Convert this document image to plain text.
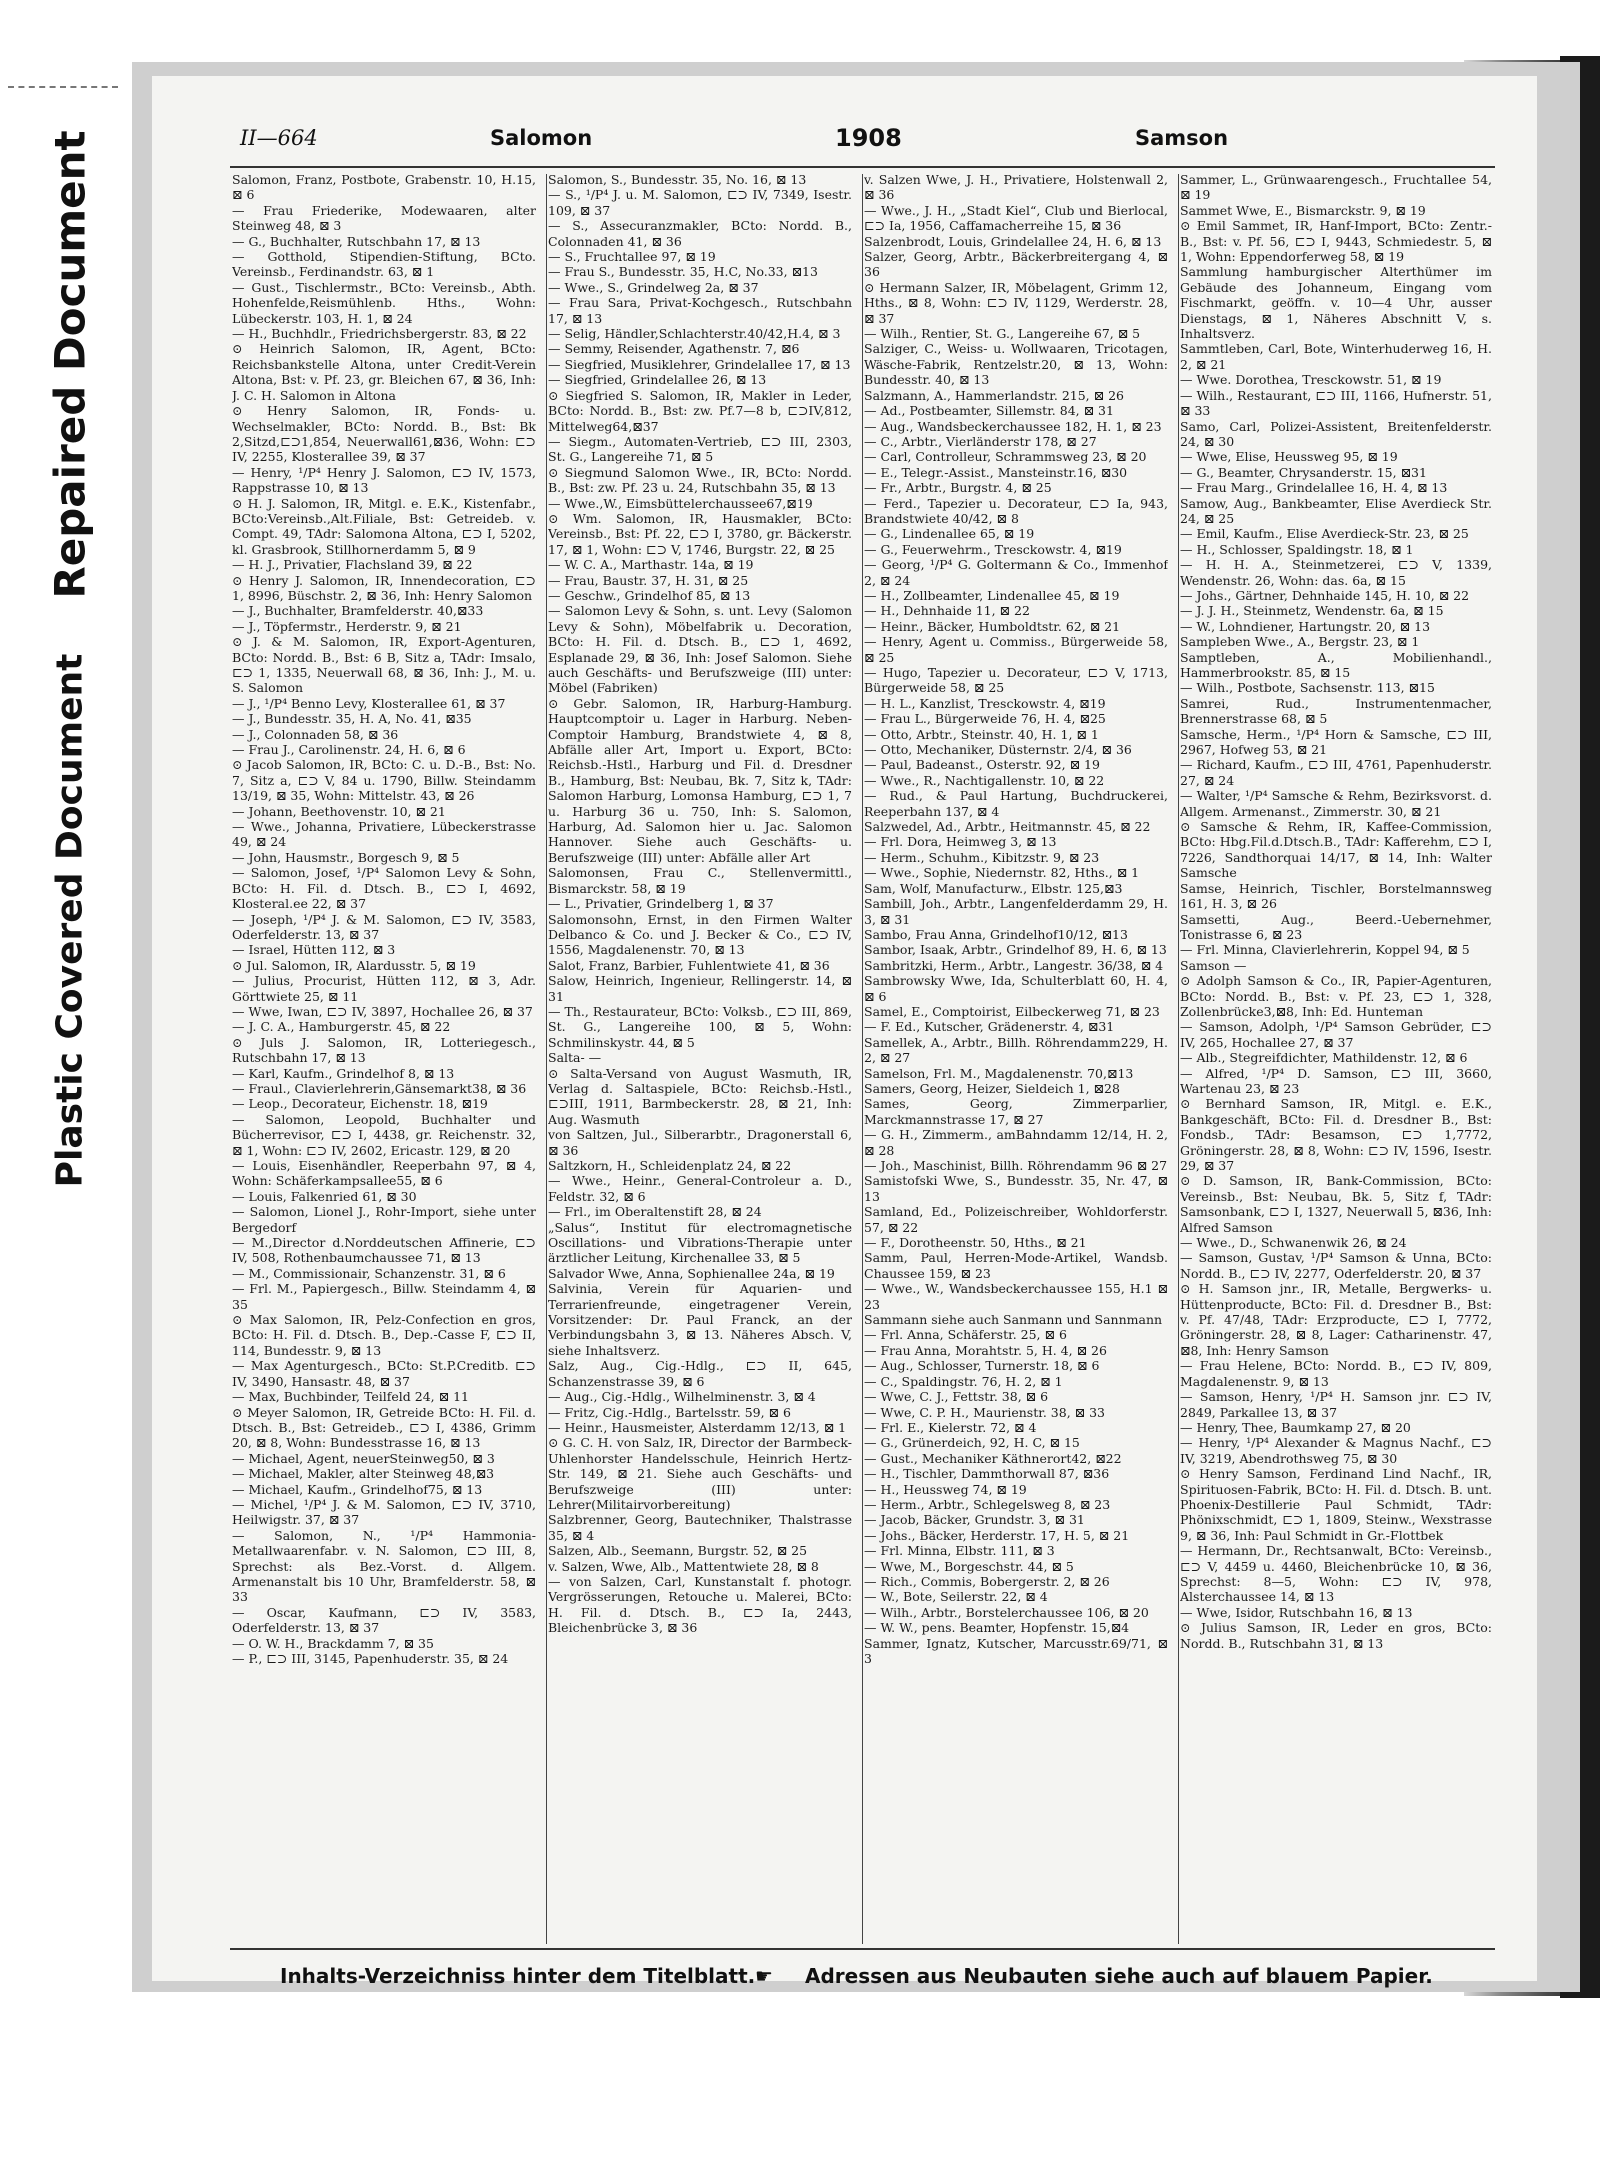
Repaired Document
Plastic Covered Document
II—664	Salomon	1908	Samson

Salomon, Franz, Postbote, Grabenstr. 10, H.15, ⊠ 6

— Frau Friederike, Modewaaren, alter Steinweg 48, ⊠ 3

— G., Buchhalter, Rutschbahn 17, ⊠ 13

— Gotthold, Stipendien-Stiftung, BCto. Vereinsb., Ferdinandstr. 63, ⊠ 1

— Gust., Tischlermstr., BCto: Vereinsb., Abth. Hohenfelde,Reismühlenb. Hths., Wohn: Lübeckerstr. 103, H. 1, ⊠ 24

— H., Buchhdlr., Friedrichsbergerstr. 83, ⊠ 22

⊙ Heinrich Salomon, IR, Agent, BCto: Reichsbankstelle Altona, unter Credit-Verein Altona, Bst: v. Pf. 23, gr. Bleichen 67, ⊠ 36, Inh: J. C. H. Salomon in Altona

⊙ Henry Salomon, IR, Fonds- u. Wechselmakler, BCto: Nordd. B., Bst: Bk 2,Sitzd,⊏⊃1,854, Neuerwall61,⊠36, Wohn: ⊏⊃ IV, 2255, Klosterallee 39, ⊠ 37

— Henry, ¹/P⁴ Henry J. Salomon, ⊏⊃ IV, 1573, Rappstrasse 10, ⊠ 13

⊙ H. J. Salomon, IR, Mitgl. e. E.K., Kistenfabr., BCto:Vereinsb.,Alt.Filiale, Bst: Getreideb. v. Compt. 49, TAdr: Salomona Altona, ⊏⊃ I, 5202, kl. Grasbrook, Stillhornerdamm 5, ⊠ 9

— H. J., Privatier, Flachsland 39, ⊠ 22

⊙ Henry J. Salomon, IR, Innendecoration, ⊏⊃ 1, 8996, Büschstr. 2, ⊠ 36, Inh: Henry Salomon

— J., Buchhalter, Bramfelderstr. 40,⊠33

— J., Töpfermstr., Herderstr. 9, ⊠ 21

⊙ J. & M. Salomon, IR, Export-Agenturen, BCto: Nordd. B., Bst: 6 B, Sitz a, TAdr: Imsalo, ⊏⊃ 1, 1335, Neuerwall 68, ⊠ 36, Inh: J., M. u. S. Salomon

— J., ¹/P⁴ Benno Levy, Klosterallee 61, ⊠ 37

— J., Bundesstr. 35, H. A, No. 41, ⊠35

— J., Colonnaden 58, ⊠ 36

— Frau J., Carolinenstr. 24, H. 6, ⊠ 6

⊙ Jacob Salomon, IR, BCto: C. u. D.-B., Bst: No. 7, Sitz a, ⊏⊃ V, 84 u. 1790, Billw. Steindamm 13/19, ⊠ 35, Wohn: Mittelstr. 43, ⊠ 26

— Johann, Beethovenstr. 10, ⊠ 21

— Wwe., Johanna, Privatiere, Lübeckerstrasse 49, ⊠ 24

— John, Hausmstr., Borgesch 9, ⊠ 5

— Salomon, Josef, ¹/P⁴ Salomon Levy & Sohn, BCto: H. Fil. d. Dtsch. B., ⊏⊃ I, 4692, Klosteral.ee 22, ⊠ 37

— Joseph, ¹/P⁴ J. & M. Salomon, ⊏⊃ IV, 3583, Oderfelderstr. 13, ⊠ 37

— Israel, Hütten 112, ⊠ 3

⊙ Jul. Salomon, IR, Alardusstr. 5, ⊠ 19

— Julius, Procurist, Hütten 112, ⊠ 3, Adr. Görttwiete 25, ⊠ 11

— Wwe, Iwan, ⊏⊃ IV, 3897, Hochallee 26, ⊠ 37

— J. C. A., Hamburgerstr. 45, ⊠ 22

⊙ Juls J. Salomon, IR, Lotteriegesch., Rutschbahn 17, ⊠ 13

— Karl, Kaufm., Grindelhof 8, ⊠ 13

— Fraul., Clavierlehrerin,Gänsemarkt38, ⊠ 36

— Leop., Decorateur, Eichenstr. 18, ⊠19

— Salomon, Leopold, Buchhalter und Bücherrevisor, ⊏⊃ I, 4438, gr. Reichenstr. 32, ⊠ 1, Wohn: ⊏⊃ IV, 2602, Ericastr. 129, ⊠ 20

— Louis, Eisenhändler, Reeperbahn 97, ⊠ 4, Wohn: Schäferkampsallee55, ⊠ 6

— Louis, Falkenried 61, ⊠ 30

— Salomon, Lionel J., Rohr-Import, siehe unter Bergedorf

— M.,Director d.Norddeutschen Affinerie, ⊏⊃ IV, 508, Rothenbaumchaussee 71, ⊠ 13

— M., Commissionair, Schanzenstr. 31, ⊠ 6

— Frl. M., Papiergesch., Billw. Steindamm 4, ⊠ 35

⊙ Max Salomon, IR, Pelz-Confection en gros, BCto: H. Fil. d. Dtsch. B., Dep.-Casse F, ⊏⊃ II, 114, Bundesstr. 9, ⊠ 13

— Max Agenturgesch., BCto: St.P.Creditb. ⊏⊃ IV, 3490, Hansastr. 48, ⊠ 37

— Max, Buchbinder, Teilfeld 24, ⊠ 11

⊙ Meyer Salomon, IR, Getreide BCto: H. Fil. d. Dtsch. B., Bst: Getreideb., ⊏⊃ I, 4386, Grimm 20, ⊠ 8, Wohn: Bundesstrasse 16, ⊠ 13

— Michael, Agent, neuerSteinweg50, ⊠ 3

— Michael, Makler, alter Steinweg 48,⊠3

— Michael, Kaufm., Grindelhof75, ⊠ 13

— Michel, ¹/P⁴ J. & M. Salomon, ⊏⊃ IV, 3710, Heilwigstr. 37, ⊠ 37

— Salomon, N., ¹/P⁴ Hammonia-Metallwaarenfabr. v. N. Salomon, ⊏⊃ III, 8, Sprechst: als Bez.-Vorst. d. Allgem. Armenanstalt bis 10 Uhr, Bramfelderstr. 58, ⊠ 33

— Oscar, Kaufmann, ⊏⊃ IV, 3583, Oderfelderstr. 13, ⊠ 37

— O. W. H., Brackdamm 7, ⊠ 35

— P., ⊏⊃ III, 3145, Papenhuderstr. 35, ⊠ 24

Salomon, S., Bundesstr. 35, No. 16, ⊠ 13

— S., ¹/P⁴ J. u. M. Salomon, ⊏⊃ IV, 7349, Isestr. 109, ⊠ 37

— S., Assecuranzmakler, BCto: Nordd. B., Colonnaden 41, ⊠ 36

— S., Fruchtallee 97, ⊠ 19

— Frau S., Bundesstr. 35, H.C, No.33, ⊠13

— Wwe., S., Grindelweg 2a, ⊠ 37

— Frau Sara, Privat-Kochgesch., Rutschbahn 17, ⊠ 13

— Selig, Händler,Schlachterstr.40/42,H.4, ⊠ 3

— Semmy, Reisender, Agathenstr. 7, ⊠6

— Siegfried, Musiklehrer, Grindelallee 17, ⊠ 13

— Siegfried, Grindelallee 26, ⊠ 13

⊙ Siegfried S. Salomon, IR, Makler in Leder, BCto: Nordd. B., Bst: zw. Pf.7—8 b, ⊏⊃IV,812, Mittelweg64,⊠37

— Siegm., Automaten-Vertrieb, ⊏⊃ III, 2303, St. G., Langereihe 71, ⊠ 5

⊙ Siegmund Salomon Wwe., IR, BCto: Nordd. B., Bst: zw. Pf. 23 u. 24, Rutschbahn 35, ⊠ 13

— Wwe.,W., Eimsbüttelerchaussee67,⊠19

⊙ Wm. Salomon, IR, Hausmakler, BCto: Vereinsb., Bst: Pf. 22, ⊏⊃ I, 3780, gr. Bäckerstr. 17, ⊠ 1, Wohn: ⊏⊃ V, 1746, Burgstr. 22, ⊠ 25

— W. C. A., Marthastr. 14a, ⊠ 19

— Frau, Baustr. 37, H. 31, ⊠ 25

— Geschw., Grindelhof 85, ⊠ 13

— Salomon Levy & Sohn, s. unt. Levy (Salomon Levy & Sohn), Möbelfabrik u. Decoration, BCto: H. Fil. d. Dtsch. B., ⊏⊃ 1, 4692, Esplanade 29, ⊠ 36, Inh: Josef Salomon. Siehe auch Geschäfts- und Berufszweige (III) unter: Möbel (Fabriken)

⊙ Gebr. Salomon, IR, Harburg-Hamburg. Hauptcomptoir u. Lager in Harburg. Neben-Comptoir Hamburg, Brandstwiete 4, ⊠ 8, Abfälle aller Art, Import u. Export, BCto: Reichsb.-Hstl., Harburg und Fil. d. Dresdner B., Hamburg, Bst: Neubau, Bk. 7, Sitz k, TAdr: Salomon Harburg, Lomonsa Hamburg, ⊏⊃ 1, 7 u. Harburg 36 u. 750, Inh: S. Salomon, Harburg, Ad. Salomon hier u. Jac. Salomon Hannover. Siehe auch Geschäfts- u. Berufszweige (III) unter: Abfälle aller Art

Salomonsen, Frau C., Stellenvermittl., Bismarckstr. 58, ⊠ 19

— L., Privatier, Grindelberg 1, ⊠ 37

Salomonsohn, Ernst, in den Firmen Walter Delbanco & Co. und J. Becker & Co., ⊏⊃ IV, 1556, Magdalenenstr. 70, ⊠ 13

Salot, Franz, Barbier, Fuhlentwiete 41, ⊠ 36

Salow, Heinrich, Ingenieur, Rellingerstr. 14, ⊠ 31

— Th., Restaurateur, BCto: Volksb., ⊏⊃ III, 869, St. G., Langereihe 100, ⊠ 5, Wohn: Schmilinskystr. 44, ⊠ 5

Salta- —

⊙ Salta-Versand von August Wasmuth, IR, Verlag d. Saltaspiele, BCto: Reichsb.-Hstl., ⊏⊃III, 1911, Barmbeckerstr. 28, ⊠ 21, Inh: Aug. Wasmuth

von Saltzen, Jul., Silberarbtr., Dragonerstall 6, ⊠ 36

Saltzkorn, H., Schleidenplatz 24, ⊠ 22

— Wwe., Heinr., General-Controleur a. D., Feldstr. 32, ⊠ 6

— Frl., im Oberaltenstift 28, ⊠ 24

„Salus“, Institut für electromagnetische Oscillations- und Vibrations-Therapie unter ärztlicher Leitung, Kirchenallee 33, ⊠ 5

Salvador Wwe, Anna, Sophienallee 24a, ⊠ 19

Salvinia, Verein für Aquarien- und Terrarienfreunde, eingetragener Verein, Vorsitzender: Dr. Paul Franck, an der Verbindungsbahn 3, ⊠ 13. Näheres Absch. V, siehe Inhaltsverz.

Salz, Aug., Cig.-Hdlg., ⊏⊃ II, 645, Schanzenstrasse 39, ⊠ 6

— Aug., Cig.-Hdlg., Wilhelminenstr. 3, ⊠ 4

— Fritz, Cig.-Hdlg., Bartelsstr. 59, ⊠ 6

— Heinr., Hausmeister, Alsterdamm 12/13, ⊠ 1

⊙ G. C. H. von Salz, IR, Director der Barmbeck-Uhlenhorster Handelsschule, Heinrich Hertz-Str. 149, ⊠ 21. Siehe auch Geschäfts- und Berufszweige (III) unter: Lehrer(Militairvorbereitung)

Salzbrenner, Georg, Bautechniker, Thalstrasse 35, ⊠ 4

Salzen, Alb., Seemann, Burgstr. 52, ⊠ 25

v. Salzen, Wwe, Alb., Mattentwiete 28, ⊠ 8

— von Salzen, Carl, Kunstanstalt f. photogr. Vergrösserungen, Retouche u. Malerei, BCto: H. Fil. d. Dtsch. B., ⊏⊃ Ia, 2443, Bleichenbrücke 3, ⊠ 36

v. Salzen Wwe, J. H., Privatiere, Holstenwall 2, ⊠ 36

— Wwe., J. H., „Stadt Kiel“, Club und Bierlocal, ⊏⊃ Ia, 1956, Caffamacherreihe 15, ⊠ 36

Salzenbrodt, Louis, Grindelallee 24, H. 6, ⊠ 13

Salzer, Georg, Arbtr., Bäckerbreitergang 4, ⊠ 36

⊙ Hermann Salzer, IR, Möbelagent, Grimm 12, Hths., ⊠ 8, Wohn: ⊏⊃ IV, 1129, Werderstr. 28, ⊠ 37

— Wilh., Rentier, St. G., Langereihe 67, ⊠ 5

Salziger, C., Weiss- u. Wollwaaren, Tricotagen, Wäsche-Fabrik, Rentzelstr.20, ⊠ 13, Wohn: Bundesstr. 40, ⊠ 13

Salzmann, A., Hammerlandstr. 215, ⊠ 26

— Ad., Postbeamter, Sillemstr. 84, ⊠ 31

— Aug., Wandsbeckerchaussee 182, H. 1, ⊠ 23

— C., Arbtr., Vierländerstr 178, ⊠ 27

— Carl, Controlleur, Schrammsweg 23, ⊠ 20

— E., Telegr.-Assist., Mansteinstr.16, ⊠30

— Fr., Arbtr., Burgstr. 4, ⊠ 25

— Ferd., Tapezier u. Decorateur, ⊏⊃ Ia, 943, Brandstwiete 40/42, ⊠ 8

— G., Lindenallee 65, ⊠ 19

— G., Feuerwehrm., Tresckowstr. 4, ⊠19

— Georg, ¹/P⁴ G. Goltermann & Co., Immenhof 2, ⊠ 24

— H., Zollbeamter, Lindenallee 45, ⊠ 19

— H., Dehnhaide 11, ⊠ 22

— Heinr., Bäcker, Humboldtstr. 62, ⊠ 21

— Henry, Agent u. Commiss., Bürgerweide 58, ⊠ 25

— Hugo, Tapezier u. Decorateur, ⊏⊃ V, 1713, Bürgerweide 58, ⊠ 25

— H. L., Kanzlist, Tresckowstr. 4, ⊠19

— Frau L., Bürgerweide 76, H. 4, ⊠25

— Otto, Arbtr., Steinstr. 40, H. 1, ⊠ 1

— Otto, Mechaniker, Düsternstr. 2/4, ⊠ 36

— Paul, Badeanst., Osterstr. 92, ⊠ 19

— Wwe., R., Nachtigallenstr. 10, ⊠ 22

— Rud., & Paul Hartung, Buchdruckerei, Reeperbahn 137, ⊠ 4

Salzwedel, Ad., Arbtr., Heitmannstr. 45, ⊠ 22

— Frl. Dora, Heimweg 3, ⊠ 13

— Herm., Schuhm., Kibitzstr. 9, ⊠ 23

— Wwe., Sophie, Niedernstr. 82, Hths., ⊠ 1

Sam, Wolf, Manufacturw., Elbstr. 125,⊠3

Sambill, Joh., Arbtr., Langenfelderdamm 29, H. 3, ⊠ 31

Sambo, Frau Anna, Grindelhof10/12, ⊠13

Sambor, Isaak, Arbtr., Grindelhof 89, H. 6, ⊠ 13

Sambritzki, Herm., Arbtr., Langestr. 36/38, ⊠ 4

Sambrowsky Wwe, Ida, Schulterblatt 60, H. 4, ⊠ 6

Samel, E., Comptoirist, Eilbeckerweg 71, ⊠ 23

— F. Ed., Kutscher, Grädenerstr. 4, ⊠31

Samellek, A., Arbtr., Billh. Röhrendamm229, H. 2, ⊠ 27

Samelson, Frl. M., Magdalenenstr. 70,⊠13

Samers, Georg, Heizer, Sieldeich 1, ⊠28

Sames, Georg, Zimmerparlier, Marckmannstrasse 17, ⊠ 27

— G. H., Zimmerm., amBahndamm 12/14, H. 2, ⊠ 28

— Joh., Maschinist, Billh. Röhrendamm 96 ⊠ 27

Samistofski Wwe, S., Bundesstr. 35, Nr. 47, ⊠ 13

Samland, Ed., Polizeischreiber, Wohldorferstr. 57, ⊠ 22

— F., Dorotheenstr. 50, Hths., ⊠ 21

Samm, Paul, Herren-Mode-Artikel, Wandsb. Chaussee 159, ⊠ 23

— Wwe., W., Wandsbeckerchaussee 155, H.1 ⊠ 23

Sammann siehe auch Sanmann und Sannmann

— Frl. Anna, Schäferstr. 25, ⊠ 6

— Frau Anna, Morahtstr. 5, H. 4, ⊠ 26

— Aug., Schlosser, Turnerstr. 18, ⊠ 6

— C., Spaldingstr. 76, H. 2, ⊠ 1

— Wwe, C. J., Fettstr. 38, ⊠ 6

— Wwe, C. P. H., Maurienstr. 38, ⊠ 33

— Frl. E., Kielerstr. 72, ⊠ 4

— G., Grünerdeich, 92, H. C, ⊠ 15

— Gust., Mechaniker Käthnerort42, ⊠22

— H., Tischler, Dammthorwall 87, ⊠36

— H., Heussweg 74, ⊠ 19

— Herm., Arbtr., Schlegelsweg 8, ⊠ 23

— Jacob, Bäcker, Grundstr. 3, ⊠ 31

— Johs., Bäcker, Herderstr. 17, H. 5, ⊠ 21

— Frl. Minna, Elbstr. 111, ⊠ 3

— Wwe, M., Borgeschstr. 44, ⊠ 5

— Rich., Commis, Bobergerstr. 2, ⊠ 26

— W., Bote, Seilerstr. 22, ⊠ 4

— Wilh., Arbtr., Borstelerchaussee 106, ⊠ 20

— W. W., pens. Beamter, Hopfenstr. 15,⊠4

Sammer, Ignatz, Kutscher, Marcusstr.69/71, ⊠ 3

Sammer, L., Grünwaarengesch., Fruchtallee 54, ⊠ 19

Sammet Wwe, E., Bismarckstr. 9, ⊠ 19

⊙ Emil Sammet, IR, Hanf-Import, BCto: Zentr.-B., Bst: v. Pf. 56, ⊏⊃ I, 9443, Schmiedestr. 5, ⊠ 1, Wohn: Eppendorferweg 58, ⊠ 19

Sammlung hamburgischer Alterthümer im Gebäude des Johanneum, Eingang vom Fischmarkt, geöffn. v. 10—4 Uhr, ausser Dienstags, ⊠ 1, Näheres Abschnitt V, s. Inhaltsverz.

Sammtleben, Carl, Bote, Winterhuderweg 16, H. 2, ⊠ 21

— Wwe. Dorothea, Tresckowstr. 51, ⊠ 19

— Wilh., Restaurant, ⊏⊃ III, 1166, Hufnerstr. 51, ⊠ 33

Samo, Carl, Polizei-Assistent, Breitenfelderstr. 24, ⊠ 30

— Wwe, Elise, Heussweg 95, ⊠ 19

— G., Beamter, Chrysanderstr. 15, ⊠31

— Frau Marg., Grindelallee 16, H. 4, ⊠ 13

Samow, Aug., Bankbeamter, Elise Averdieck Str. 24, ⊠ 25

— Emil, Kaufm., Elise Averdieck-Str. 23, ⊠ 25

— H., Schlosser, Spaldingstr. 18, ⊠ 1

— H. H. A., Steinmetzerei, ⊏⊃ V, 1339, Wendenstr. 26, Wohn: das. 6a, ⊠ 15

— Johs., Gärtner, Dehnhaide 145, H. 10, ⊠ 22

— J. J. H., Steinmetz, Wendenstr. 6a, ⊠ 15

— W., Lohndiener, Hartungstr. 20, ⊠ 13

Sampleben Wwe., A., Bergstr. 23, ⊠ 1

Samptleben, A., Mobilienhandl., Hammerbrookstr. 85, ⊠ 15

— Wilh., Postbote, Sachsenstr. 113, ⊠15

Samrei, Rud., Instrumentenmacher, Brennerstrasse 68, ⊠ 5

Samsche, Herm., ¹/P⁴ Horn & Samsche, ⊏⊃ III, 2967, Hofweg 53, ⊠ 21

— Richard, Kaufm., ⊏⊃ III, 4761, Papenhuderstr. 27, ⊠ 24

— Walter, ¹/P⁴ Samsche & Rehm, Bezirksvorst. d. Allgem. Armenanst., Zimmerstr. 30, ⊠ 21

⊙ Samsche & Rehm, IR, Kaffee-Commission, BCto: Hbg.Fil.d.Dtsch.B., TAdr: Kafferehm, ⊏⊃ I, 7226, Sandthorquai 14/17, ⊠ 14, Inh: Walter Samsche

Samse, Heinrich, Tischler, Borstelmannsweg 161, H. 3, ⊠ 26

Samsetti, Aug., Beerd.-Uebernehmer, Tonistrasse 6, ⊠ 23

— Frl. Minna, Clavierlehrerin, Koppel 94, ⊠ 5

Samson —

⊙ Adolph Samson & Co., IR, Papier-Agenturen, BCto: Nordd. B., Bst: v. Pf. 23, ⊏⊃ 1, 328, Zollenbrücke3,⊠8, Inh: Ed. Hunteman

— Samson, Adolph, ¹/P⁴ Samson Gebrüder, ⊏⊃ IV, 265, Hochallee 27, ⊠ 37

— Alb., Stegreifdichter, Mathildenstr. 12, ⊠ 6

— Alfred, ¹/P⁴ D. Samson, ⊏⊃ III, 3660, Wartenau 23, ⊠ 23

⊙ Bernhard Samson, IR, Mitgl. e. E.K., Bankgeschäft, BCto: Fil. d. Dresdner B., Bst: Fondsb., TAdr: Besamson, ⊏⊃ 1,7772, Gröningerstr. 28, ⊠ 8, Wohn: ⊏⊃ IV, 1596, Isestr. 29, ⊠ 37

⊙ D. Samson, IR, Bank-Commission, BCto: Vereinsb., Bst: Neubau, Bk. 5, Sitz f, TAdr: Samsonbank, ⊏⊃ I, 1327, Neuerwall 5, ⊠36, Inh: Alfred Samson

— Wwe., D., Schwanenwik 26, ⊠ 24

— Samson, Gustav, ¹/P⁴ Samson & Unna, BCto: Nordd. B., ⊏⊃ IV, 2277, Oderfelderstr. 20, ⊠ 37

⊙ H. Samson jnr., IR, Metalle, Bergwerks- u. Hüttenproducte, BCto: Fil. d. Dresdner B., Bst: v. Pf. 47/48, TAdr: Erzproducte, ⊏⊃ I, 7772, Gröningerstr. 28, ⊠ 8, Lager: Catharinenstr. 47, ⊠8, Inh: Henry Samson

— Frau Helene, BCto: Nordd. B., ⊏⊃ IV, 809, Magdalenenstr. 9, ⊠ 13

— Samson, Henry, ¹/P⁴ H. Samson jnr. ⊏⊃ IV, 2849, Parkallee 13, ⊠ 37

— Henry, Thee, Baumkamp 27, ⊠ 20

— Henry, ¹/P⁴ Alexander & Magnus Nachf., ⊏⊃ IV, 3219, Abendrothsweg 75, ⊠ 30

⊙ Henry Samson, Ferdinand Lind Nachf., IR, Spirituosen-Fabrik, BCto: H. Fil. d. Dtsch. B. unt. Phoenix-Destillerie Paul Schmidt, TAdr: Phönixschmidt, ⊏⊃ 1, 1809, Steinw., Wexstrasse 9, ⊠ 36, Inh: Paul Schmidt in Gr.-Flottbek

— Hermann, Dr., Rechtsanwalt, BCto: Vereinsb., ⊏⊃ V, 4459 u. 4460, Bleichenbrücke 10, ⊠ 36, Sprechst: 8—5, Wohn: ⊏⊃ IV, 978, Alsterchaussee 14, ⊠ 13

— Wwe, Isidor, Rutschbahn 16, ⊠ 13

⊙ Julius Samson, IR, Leder en gros, BCto: Nordd. B., Rutschbahn 31, ⊠ 13

Inhalts-Verzeichniss hinter dem Titelblatt. ☛ Adressen aus Neubauten siehe auch auf blauem Papier.
